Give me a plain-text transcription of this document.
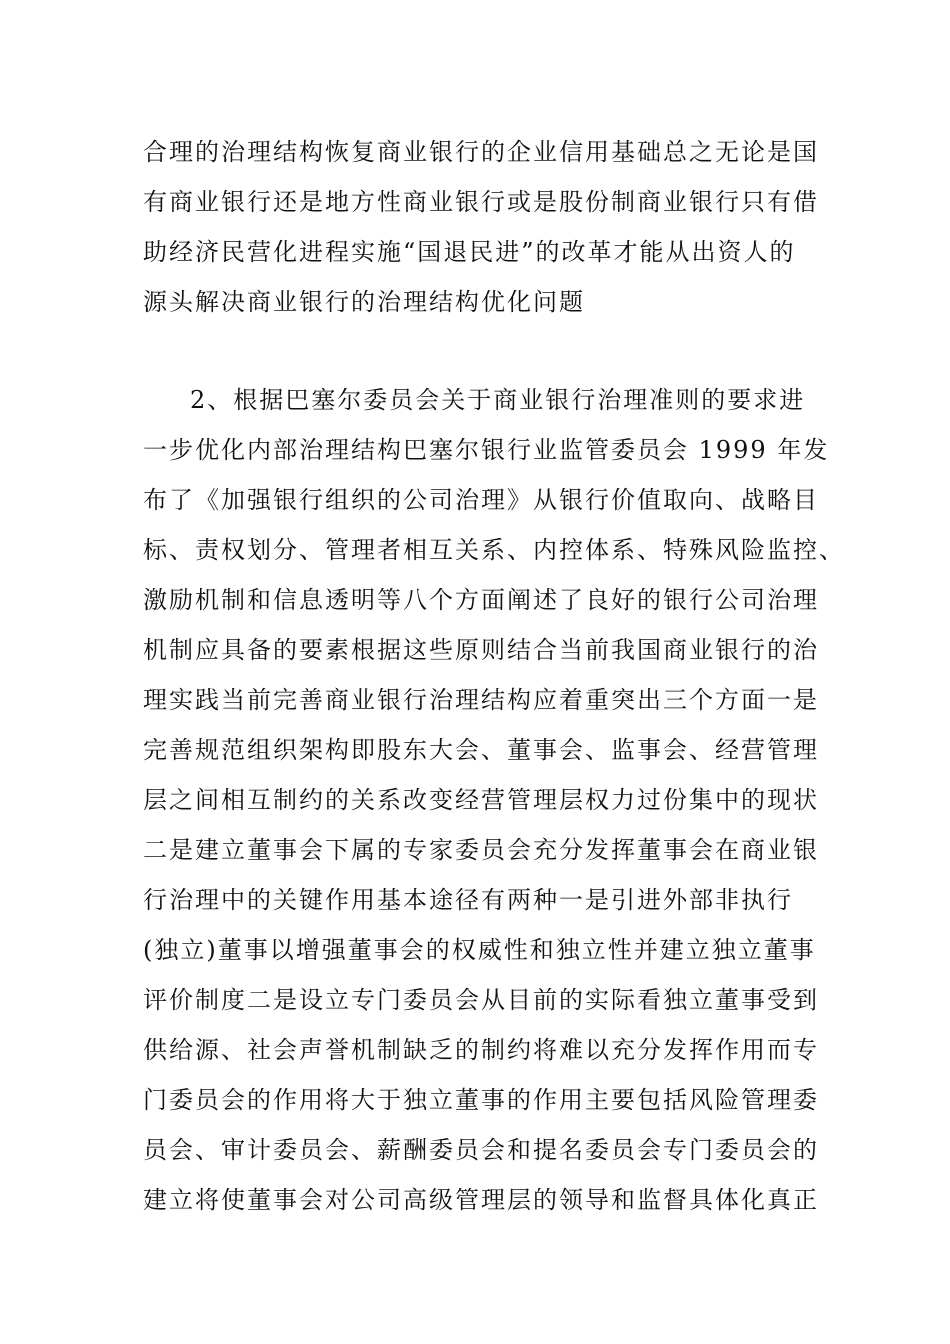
合理的治理结构恢复商业银行的企业信用基础总之无论是国
有商业银行还是地方性商业银行或是股份制商业银行只有借
助经济民营化进程实施“国退民进”的改革才能从出资人的
源头解决商业银行的治理结构优化问题
2、根据巴塞尔委员会关于商业银行治理准则的要求进
一步优化内部治理结构巴塞尔银行业监管委员会 1999 年发
布了《加强银行组织的公司治理》从银行价值取向、战略目
标、责权划分、管理者相互关系、内控体系、特殊风险监控、
激励机制和信息透明等八个方面阐述了良好的银行公司治理
机制应具备的要素根据这些原则结合当前我国商业银行的治
理实践当前完善商业银行治理结构应着重突出三个方面一是
完善规范组织架构即股东大会、董事会、监事会、经营管理
层之间相互制约的关系改变经营管理层权力过份集中的现状
二是建立董事会下属的专家委员会充分发挥董事会在商业银
行治理中的关键作用基本途径有两种一是引进外部非执行
(独立)董事以增强董事会的权威性和独立性并建立独立董事
评价制度二是设立专门委员会从目前的实际看独立董事受到
供给源、社会声誉机制缺乏的制约将难以充分发挥作用而专
门委员会的作用将大于独立董事的作用主要包括风险管理委
员会、审计委员会、薪酬委员会和提名委员会专门委员会的
建立将使董事会对公司高级管理层的领导和监督具体化真正
